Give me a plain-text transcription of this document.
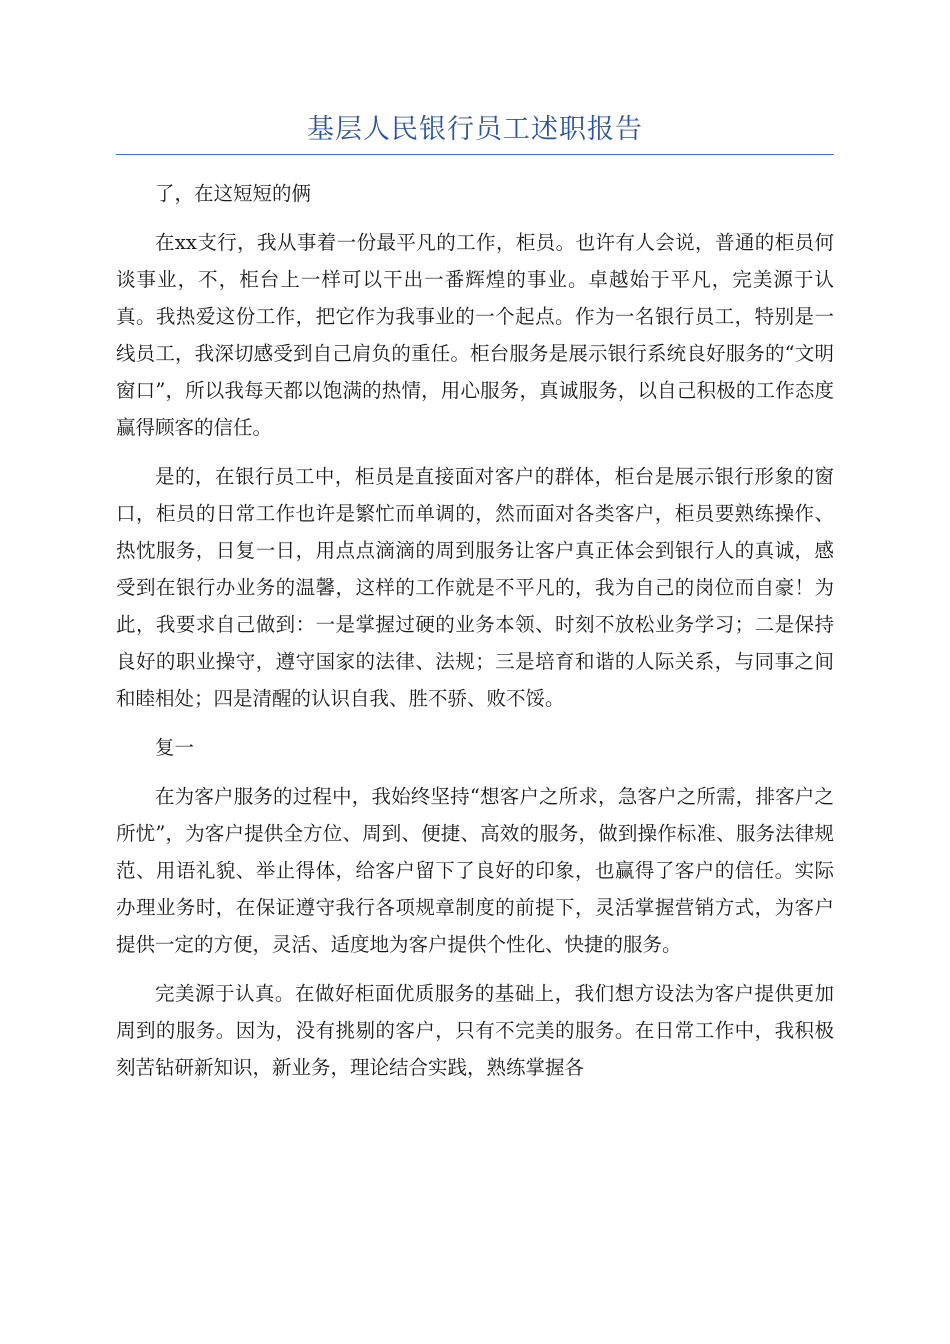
基层人民银行员工述职报告

了，在这短短的俩

在xx支行，我从事着一份最平凡的工作，柜员。也许有人会说，普通的柜员何谈事业，不，柜台上一样可以干出一番辉煌的事业。卓越始于平凡，完美源于认真。我热爱这份工作，把它作为我事业的一个起点。作为一名银行员工，特别是一线员工，我深切感受到自己肩负的重任。柜台服务是展示银行系统良好服务的“文明窗口”，所以我每天都以饱满的热情，用心服务，真诚服务，以自己积极的工作态度赢得顾客的信任。

是的，在银行员工中，柜员是直接面对客户的群体，柜台是展示银行形象的窗口，柜员的日常工作也许是繁忙而单调的，然而面对各类客户，柜员要熟练操作、热忱服务，日复一日，用点点滴滴的周到服务让客户真正体会到银行人的真诚，感受到在银行办业务的温馨，这样的工作就是不平凡的，我为自己的岗位而自豪！为此，我要求自己做到：一是掌握过硬的业务本领、时刻不放松业务学习；二是保持良好的职业操守，遵守国家的法律、法规；三是培育和谐的人际关系，与同事之间和睦相处；四是清醒的认识自我、胜不骄、败不馁。

复一

在为客户服务的过程中，我始终坚持“想客户之所求，急客户之所需，排客户之所忧”，为客户提供全方位、周到、便捷、高效的服务，做到操作标准、服务法律规范、用语礼貌、举止得体，给客户留下了良好的印象，也赢得了客户的信任。实际办理业务时，在保证遵守我行各项规章制度的前提下，灵活掌握营销方式，为客户提供一定的方便，灵活、适度地为客户提供个性化、快捷的服务。

完美源于认真。在做好柜面优质服务的基础上，我们想方设法为客户提供更加周到的服务。因为，没有挑剔的客户，只有不完美的服务。在日常工作中，我积极刻苦钻研新知识，新业务，理论结合实践，熟练掌握各
